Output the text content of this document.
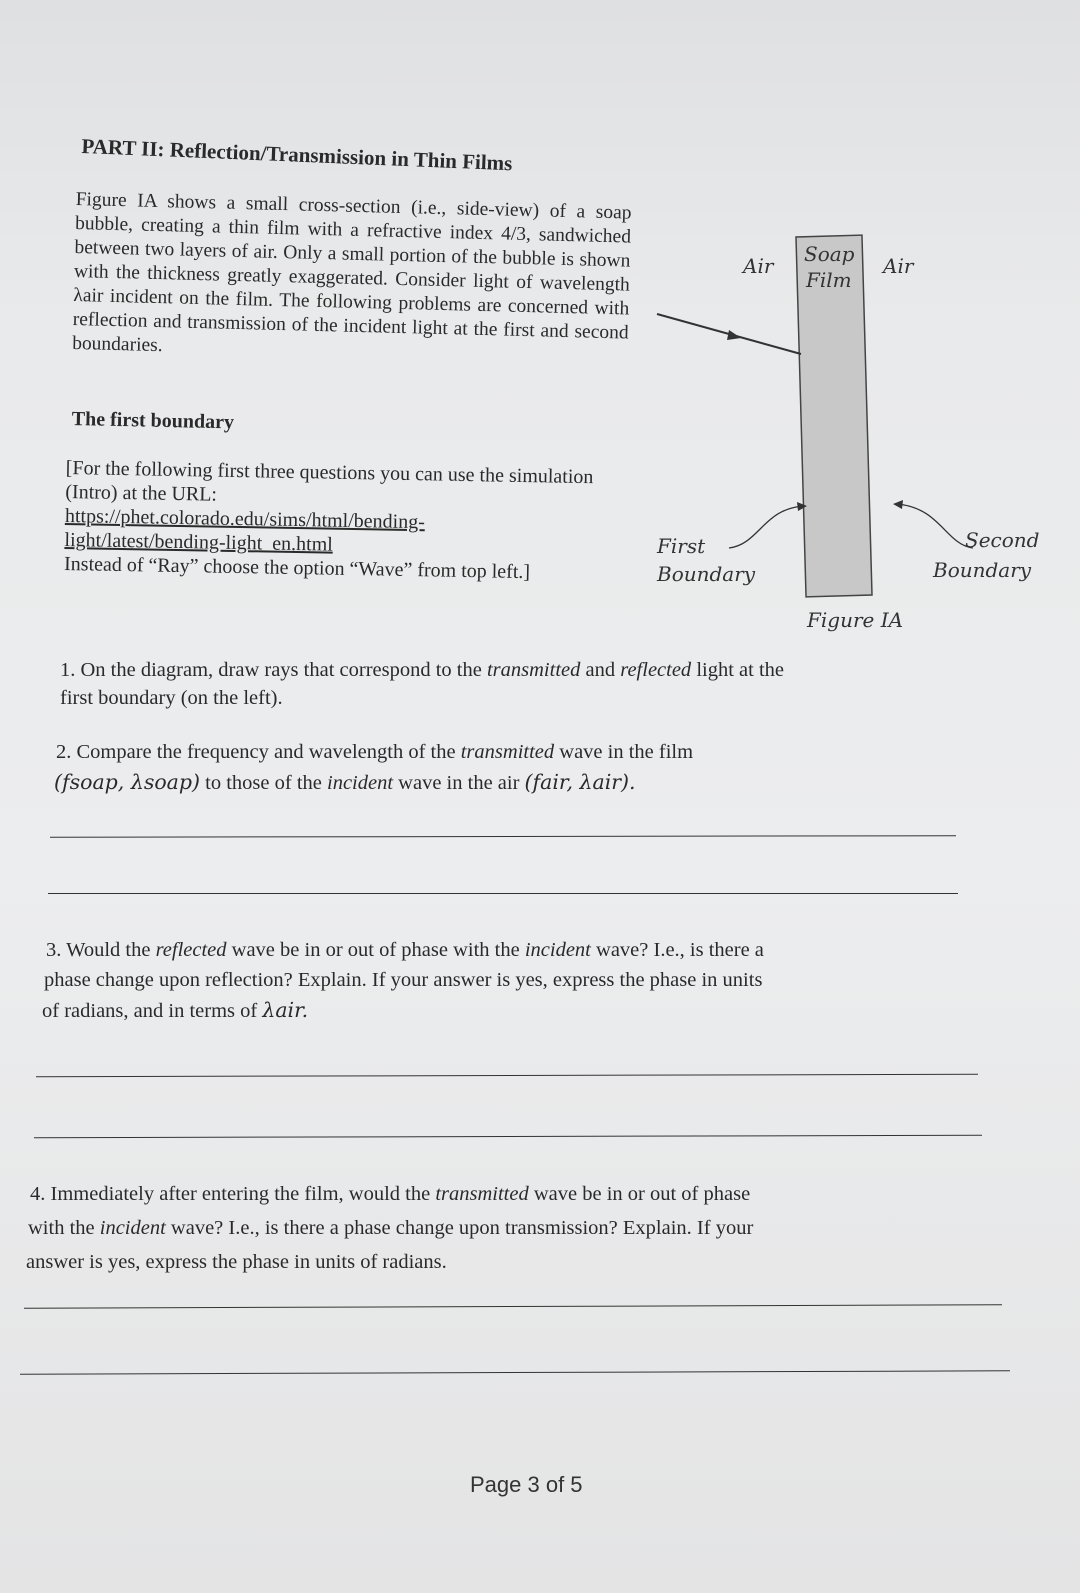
PART II: Reflection/Transmission in Thin Films
Figure IA shows a small cross-section (i.e., side-view) of a soap bubble, creating a thin film with a refractive index 4/3, sandwiched between two layers of air. Only a small portion of the bubble is shown with the thickness greatly exaggerated. Consider light of wavelength λair incident on the film. The following problems are concerned with reflection and transmission of the incident light at the first and second boundaries.
The first boundary
[For the following first three questions you can use the simulation (Intro) at the URL:
https://phet.colorado.edu/sims/html/bending-
light/latest/bending-light_en.html
Instead of “Ray” choose the option “Wave” from top left.]
Air Soap
Film
Air
First
Boundary
Second
Boundary
Figure IA
1. On the diagram, draw rays that correspond to the transmitted and reflected light at the
first boundary (on the left).
2. Compare the frequency and wavelength of the transmitted wave in the film
(fsoap, λsoap) to those of the incident wave in the air (fair, λair).
3. Would the reflected wave be in or out of phase with the incident wave? I.e., is there a
phase change upon reflection? Explain. If your answer is yes, express the phase in units
of radians, and in terms of λair.
4. Immediately after entering the film, would the transmitted wave be in or out of phase
with the incident wave? I.e., is there a phase change upon transmission? Explain. If your
answer is yes, express the phase in units of radians.
Page 3 of 5
